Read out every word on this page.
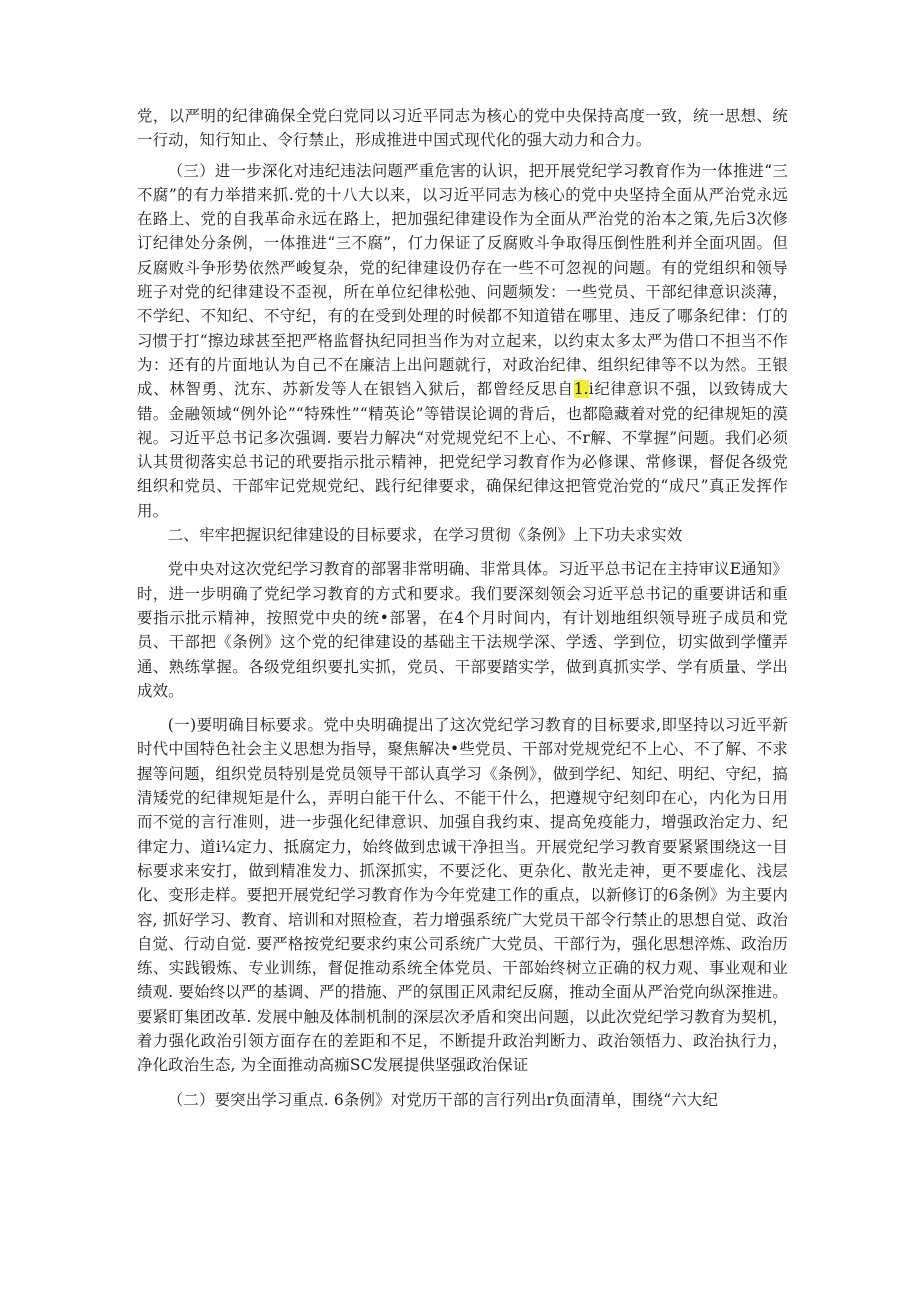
党，以严明的纪律确保全党臼党同以习近平同志为核心的党中央保持高度一致，统一思想、统一行动，知行知止、令行禁止，形成推进中国式现代化的强大动力和合力。

（三）进一步深化对违纪违法问题严重危害的认识，把开展党纪学习教育作为一体推进“三不腐”的有力举措来抓.党的十八大以来，以习近平同志为核心的党中央坚持全面从严治党永远在路上、党的自我革命永远在路上，把加强纪律建设作为全面从严治党的治本之策,先后3次修订纪律处分条例，一体推进“三不腐”，仃力保证了反腐败斗争取得压倒性胜利并全面巩固。但反腐败斗争形势依然严峻复杂，党的纪律建设仍存在一些不可忽视的问题。有的党组织和领导班子对党的纪律建设不歪视，所在单位纪律松弛、问题频发：一些党员、干部纪律意识淡薄，不学纪、不知纪、不守纪，有的在受到处理的时候都不知道错在哪里、违反了哪条纪律：仃的习惯于打“擦边球甚至把严格监督执纪同担当作为对立起来，以约束太多太严为借口不担当不作为：还有的片面地认为自己不在廉洁上出问题就行，对政治纪律、组织纪律等不以为然。王银成、林智勇、沈东、苏新发等人在银铛入狱后，都曾经反思自1.i纪律意识不强，以致铸成大错。金融领域“例外论”“特殊性”“精英论”等错误论调的背后，也都隐藏着对党的纪律规矩的漠视。习近平总书记多次强调. 要岩力解决“对党规党纪不上心、不r解、不掌握”问题。我们必须认其贯彻落实总书记的玳要指示批示精神，把党纪学习教育作为必修课、常修课，督促各级党组织和党员、干部牢记党规党纪、践行纪律要求，确保纪律这把管党治党的“成尺”真正发挥作用。

二、牢牢把握识纪律建设的目标要求，在学习贯彻《条例》上下功夫求实效

党中央对这次党纪学习教育的部署非常明确、非常具体。习近平总书记在主持审议E通知》时，进一步明确了党纪学习教育的方式和要求。我们要深刻领会习近平总书记的重要讲话和重要指示批示精神，按照党中央的统•部署，在4个月时间内，有计划地组织领导班子成员和党员、干部把《条例》这个党的纪律建设的基础主干法规学深、学透、学到位，切实做到学懂弄通、熟练掌握。各级党组织要扎实抓，党员、干部要踏实学，做到真抓实学、学有质量、学出成效。

(一)要明确目标要求。党中央明确提出了这次党纪学习教育的目标要求,即坚持以习近平新时代中国特色社会主义思想为指导，聚焦解决•些党员、干部对党规党纪不上心、不了解、不求握等问题，组织党员特别是党员领导干部认真学习《条例》，做到学纪、知纪、明纪、守纪，搞清矮党的纪律规矩是什么，弄明白能干什么、不能干什么，把遵规守纪刻印在心，内化为日用而不觉的言行准则，进一步强化纪律意识、加强自我约束、提高免疫能力，增强政治定力、纪律定力、道i¼定力、抵腐定力，始终做到忠诚干净担当。开展党纪学习教育要紧紧围绕这一目标要求来安打，做到精准发力、抓深抓实，不要泛化、更杂化、散光走神，更不要虚化、浅层化、变形走样。要把开展党纪学习教育作为今年党建工作的重点，以新修订的6条例》为主要内容, 抓好学习、教育、培训和对照检查，若力增强系统广大党员干部令行禁止的思想自觉、政治自觉、行动自觉. 要严格按党纪要求约束公司系统广大党员、干部行为，强化思想淬炼、政治历练、实践锻炼、专业训练，督促推动系统全体党员、干部始终树立正确的权力观、事业观和业绩观. 要始终以严的基调、严的措施、严的氛围正风肃纪反腐，推动全面从严治党向纵深推进。要紧盯集团改革. 发展中触及体制机制的深层次矛盾和突出问题，以此次党纪学习教育为契机，着力强化政治引领方面存在的差距和不足，不断提升政治判断力、政治领悟力、政治执行力，净化政治生态, 为全面推动高痂SC发展提供坚强政治保证

（二）要突出学习重点. 6条例》对党历干部的言行列出r负面清单，围绕“六大纪
